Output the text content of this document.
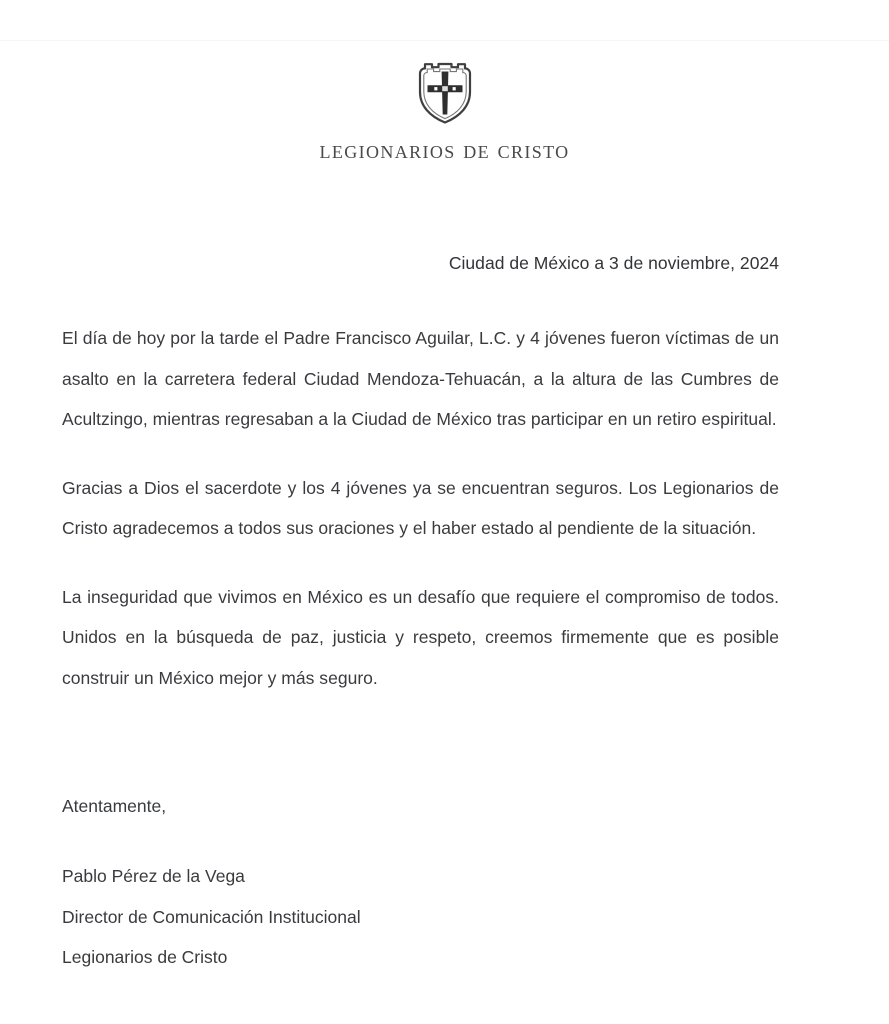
legionarios de cristo
Ciudad de México a 3 de noviembre, 2024

El día de hoy por la tarde el Padre Francisco Aguilar, L.C. y 4 jóvenes fueron víctimas de un asalto en la carretera federal Ciudad Mendoza-Tehuacán, a la altura de las Cumbres de Acultzingo, mientras regresaban a la Ciudad de México tras participar en un retiro espiritual.

Gracias a Dios el sacerdote y los 4 jóvenes ya se encuentran seguros. Los Legionarios de Cristo agradecemos a todos sus oraciones y el haber estado al pendiente de la situación.

La inseguridad que vivimos en México es un desafío que requiere el compromiso de todos. Unidos en la búsqueda de paz, justicia y respeto, creemos firmemente que es posible construir un México mejor y más seguro.

Atentamente,
Pablo Pérez de la Vega
Director de Comunicación Institucional
Legionarios de Cristo
